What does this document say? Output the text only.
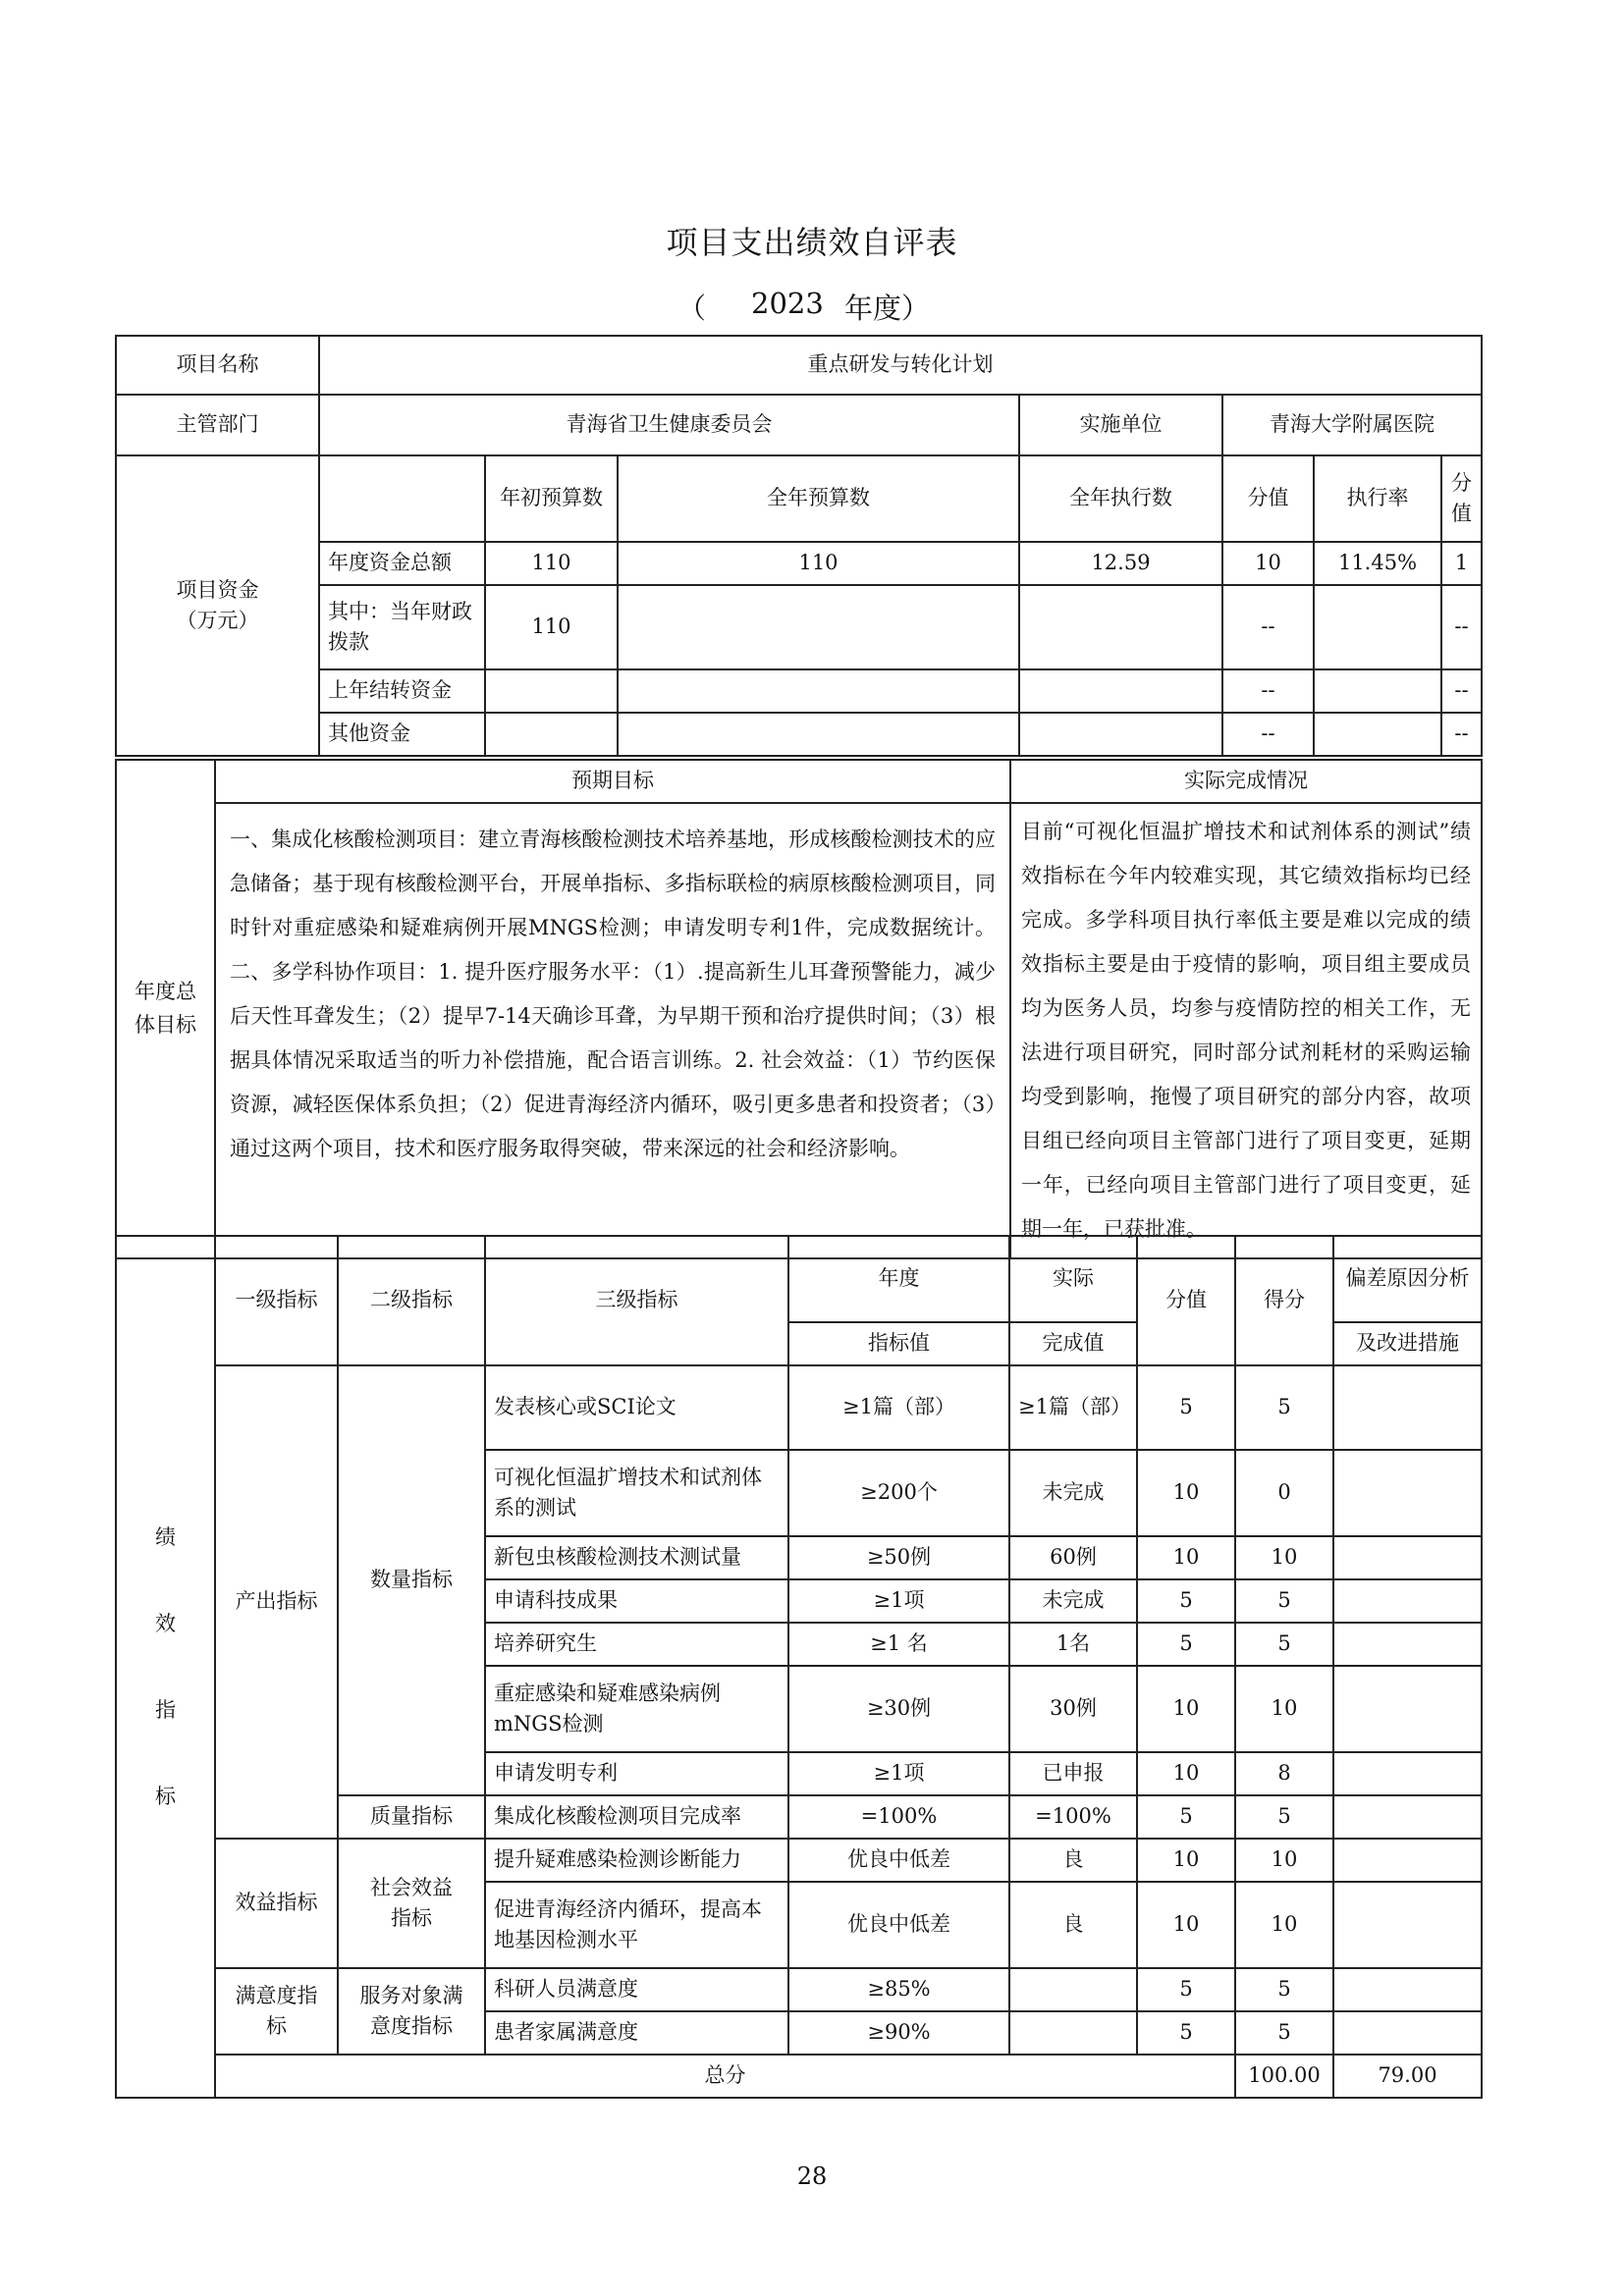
项目支出绩效自评表
（ 2023 年度）
项目名称	重点研发与转化计划						
主管部门	青海省卫生健康委员会			实施单位	青海大学附属医院		
项目资金
（万元）		年初预算数	全年预算数	全年执行数	分值	执行率	分值
	年度资金总额	110	110	12.59	10	11.45%	1
	其中：当年财政拨款	110			--		--
	上年结转资金				--		--
	其他资金				--		--
年度总体目标	预期目标	实际完成情况
	一、集成化核酸检测项目：建立青海核酸检测技术培养基地，形成核酸检测技术的应急储备；基于现有核酸检测平台，开展单指标、多指标联检的病原核酸检测项目，同时针对重症感染和疑难病例开展MNGS检测；申请发明专利1件，完成数据统计。二、多学科协作项目：1. 提升医疗服务水平：（1）.提高新生儿耳聋预警能力，减少后天性耳聋发生；（2）提早7-14天确诊耳聋，为早期干预和治疗提供时间；（3）根据具体情况采取适当的听力补偿措施，配合语言训练。2. 社会效益：（1）节约医保资源，减轻医保体系负担；（2）促进青海经济内循环，吸引更多患者和投资者；（3）通过这两个项目，技术和医疗服务取得突破，带来深远的社会和经济影响。	目前“可视化恒温扩增技术和试剂体系的测试”绩效指标在今年内较难实现，其它绩效指标均已经完成。多学科项目执行率低主要是难以完成的绩效指标主要是由于疫情的影响，项目组主要成员均为医务人员，均参与疫情防控的相关工作，无法进行项目研究，同时部分试剂耗材的采购运输均受到影响，拖慢了项目研究的部分内容，故项目组已经向项目主管部门进行了项目变更，延期一年，已经向项目主管部门进行了项目变更，延期一年，已获批准。
绩效指标	一级指标	二级指标	三级指标	年度	实际	分值	得分	偏差原因分析	
				指标值	完成值			及改进措施	
	产出指标	数量指标	发表核心或SCI论文	≥1篇（部）	≥1篇（部）	5	5		
			可视化恒温扩增技术和试剂体系的测试	≥200个	未完成	10	0		
			新包虫核酸检测技术测试量	≥50例	60例	10	10		
			申请科技成果	≥1项	未完成	5	5		
			培养研究生	≥1 名	1名	5	5		
			重症感染和疑难感染病例mNGS检测	≥30例	30例	10	10		
			申请发明专利	≥1项	已申报	10	8		
		质量指标	集成化核酸检测项目完成率	=100%	=100%	5	5		
	效益指标	社会效益指标	提升疑难感染检测诊断能力	优良中低差	良	10	10		
			促进青海经济内循环，提高本地基因检测水平	优良中低差	良	10	10		
	满意度指标	服务对象满意度指标	科研人员满意度	≥85%		5	5		
			患者家属满意度	≥90%		5	5		
	总分						100.00	79.00	
28
